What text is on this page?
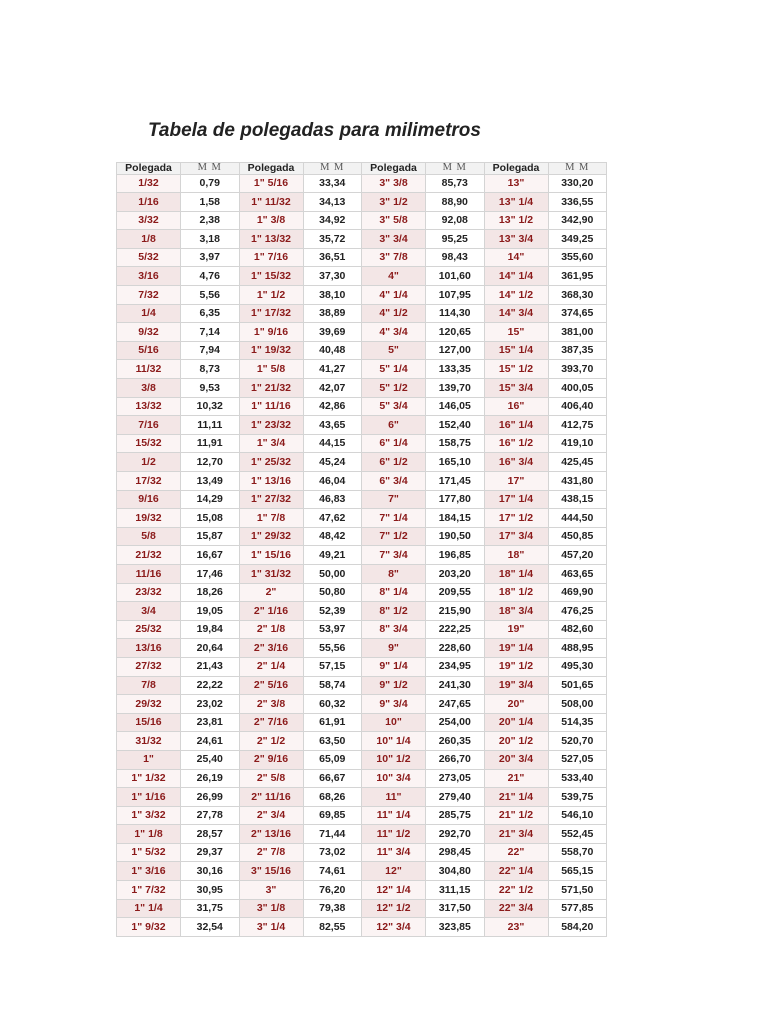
Tabela de polegadas para milimetros
Polegada	M M	Polegada	M M	Polegada	M M	Polegada	M M
1/32	0,79	1" 5/16	33,34	3" 3/8	85,73	13"	330,20
1/16	1,58	1" 11/32	34,13	3" 1/2	88,90	13" 1/4	336,55
3/32	2,38	1" 3/8	34,92	3" 5/8	92,08	13" 1/2	342,90
1/8	3,18	1" 13/32	35,72	3" 3/4	95,25	13" 3/4	349,25
5/32	3,97	1" 7/16	36,51	3" 7/8	98,43	14"	355,60
3/16	4,76	1" 15/32	37,30	4"	101,60	14" 1/4	361,95
7/32	5,56	1" 1/2	38,10	4" 1/4	107,95	14" 1/2	368,30
1/4	6,35	1" 17/32	38,89	4" 1/2	114,30	14" 3/4	374,65
9/32	7,14	1" 9/16	39,69	4" 3/4	120,65	15"	381,00
5/16	7,94	1" 19/32	40,48	5"	127,00	15" 1/4	387,35
11/32	8,73	1" 5/8	41,27	5" 1/4	133,35	15" 1/2	393,70
3/8	9,53	1" 21/32	42,07	5" 1/2	139,70	15" 3/4	400,05
13/32	10,32	1" 11/16	42,86	5" 3/4	146,05	16"	406,40
7/16	11,11	1" 23/32	43,65	6"	152,40	16" 1/4	412,75
15/32	11,91	1" 3/4	44,15	6" 1/4	158,75	16" 1/2	419,10
1/2	12,70	1" 25/32	45,24	6" 1/2	165,10	16" 3/4	425,45
17/32	13,49	1" 13/16	46,04	6" 3/4	171,45	17"	431,80
9/16	14,29	1" 27/32	46,83	7"	177,80	17" 1/4	438,15
19/32	15,08	1" 7/8	47,62	7" 1/4	184,15	17" 1/2	444,50
5/8	15,87	1" 29/32	48,42	7" 1/2	190,50	17" 3/4	450,85
21/32	16,67	1" 15/16	49,21	7" 3/4	196,85	18"	457,20
11/16	17,46	1" 31/32	50,00	8"	203,20	18" 1/4	463,65
23/32	18,26	2"	50,80	8" 1/4	209,55	18" 1/2	469,90
3/4	19,05	2" 1/16	52,39	8" 1/2	215,90	18" 3/4	476,25
25/32	19,84	2" 1/8	53,97	8" 3/4	222,25	19"	482,60
13/16	20,64	2" 3/16	55,56	9"	228,60	19" 1/4	488,95
27/32	21,43	2" 1/4	57,15	9" 1/4	234,95	19" 1/2	495,30
7/8	22,22	2" 5/16	58,74	9" 1/2	241,30	19" 3/4	501,65
29/32	23,02	2" 3/8	60,32	9" 3/4	247,65	20"	508,00
15/16	23,81	2" 7/16	61,91	10"	254,00	20" 1/4	514,35
31/32	24,61	2" 1/2	63,50	10" 1/4	260,35	20" 1/2	520,70
1"	25,40	2" 9/16	65,09	10" 1/2	266,70	20" 3/4	527,05
1" 1/32	26,19	2" 5/8	66,67	10" 3/4	273,05	21"	533,40
1" 1/16	26,99	2" 11/16	68,26	11"	279,40	21" 1/4	539,75
1" 3/32	27,78	2" 3/4	69,85	11" 1/4	285,75	21" 1/2	546,10
1" 1/8	28,57	2" 13/16	71,44	11" 1/2	292,70	21" 3/4	552,45
1" 5/32	29,37	2" 7/8	73,02	11" 3/4	298,45	22"	558,70
1" 3/16	30,16	3" 15/16	74,61	12"	304,80	22" 1/4	565,15
1" 7/32	30,95	3"	76,20	12" 1/4	311,15	22" 1/2	571,50
1" 1/4	31,75	3" 1/8	79,38	12" 1/2	317,50	22" 3/4	577,85
1" 9/32	32,54	3" 1/4	82,55	12" 3/4	323,85	23"	584,20
